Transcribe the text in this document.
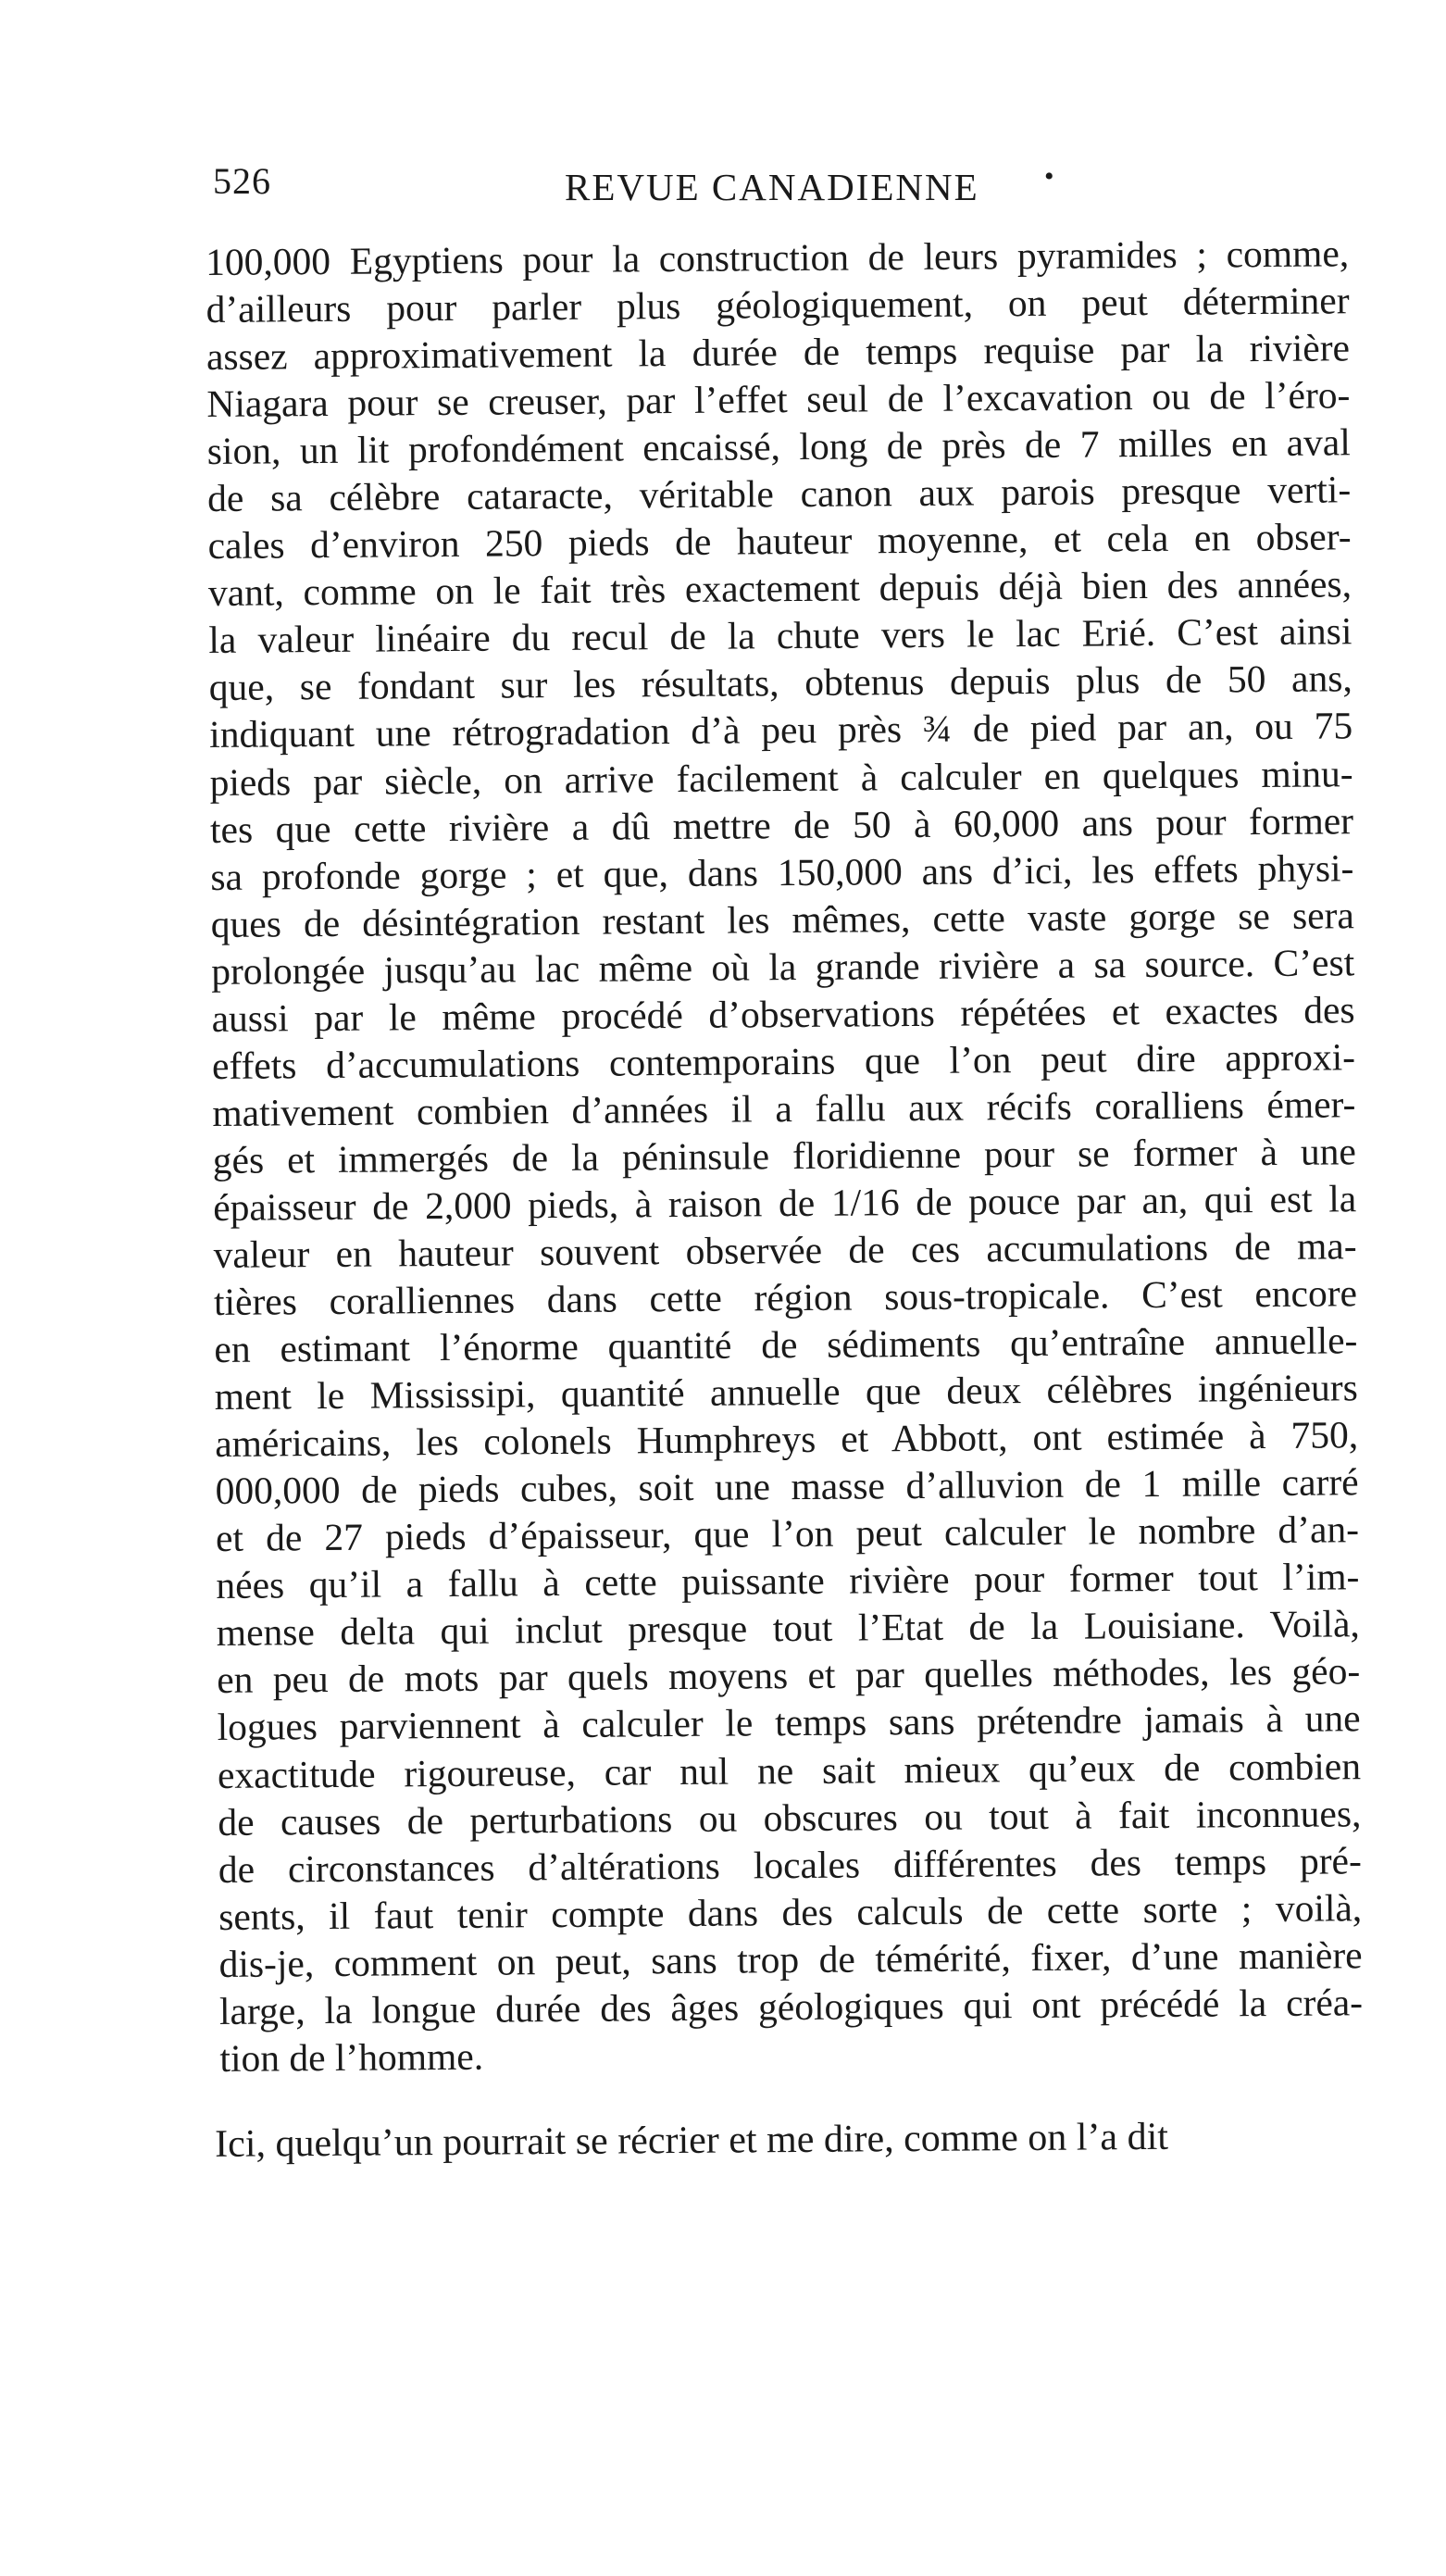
526	REVUE CANADIENNE •
100,000 Egyptiens pour la construction de leurs pyramides ; comme,
d’ailleurs pour parler plus géologiquement, on peut déterminer
assez approximativement la durée de temps requise par la rivière
Niagara pour se creuser, par l’effet seul de l’excavation ou de l’éro-
sion, un lit profondément encaissé, long de près de 7 milles en aval
de sa célèbre cataracte, véritable canon aux parois presque verti-
cales d’environ 250 pieds de hauteur moyenne, et cela en obser-
vant, comme on le fait très exactement depuis déjà bien des années,
la valeur linéaire du recul de la chute vers le lac Erié. C’est ainsi
que, se fondant sur les résultats, obtenus depuis plus de 50 ans,
indiquant une rétrogradation d’à peu près ¾ de pied par an, ou 75
pieds par siècle, on arrive facilement à calculer en quelques minu-
tes que cette rivière a dû mettre de 50 à 60,000 ans pour former
sa profonde gorge ; et que, dans 150,000 ans d’ici, les effets physi-
ques de désintégration restant les mêmes, cette vaste gorge se sera
prolongée jusqu’au lac même où la grande rivière a sa source. C’est
aussi par le même procédé d’observations répétées et exactes des
effets d’accumulations contemporains que l’on peut dire approxi-
mativement combien d’années il a fallu aux récifs coralliens émer-
gés et immergés de la péninsule floridienne pour se former à une
épaisseur de 2,000 pieds, à raison de 1/16 de pouce par an, qui est la
valeur en hauteur souvent observée de ces accumulations de ma-
tières coralliennes dans cette région sous-tropicale. C’est encore
en estimant l’énorme quantité de sédiments qu’entraîne annuelle-
ment le Mississipi, quantité annuelle que deux célèbres ingénieurs
américains, les colonels Humphreys et Abbott, ont estimée à 750,
000,000 de pieds cubes, soit une masse d’alluvion de 1 mille carré
et de 27 pieds d’épaisseur, que l’on peut calculer le nombre d’an-
nées qu’il a fallu à cette puissante rivière pour former tout l’im-
mense delta qui inclut presque tout l’Etat de la Louisiane. Voilà,
en peu de mots par quels moyens et par quelles méthodes, les géo-
logues parviennent à calculer le temps sans prétendre jamais à une
exactitude rigoureuse, car nul ne sait mieux qu’eux de combien
de causes de perturbations ou obscures ou tout à fait inconnues,
de circonstances d’altérations locales différentes des temps pré-
sents, il faut tenir compte dans des calculs de cette sorte ; voilà,
dis-je, comment on peut, sans trop de témérité, fixer, d’une manière
large, la longue durée des âges géologiques qui ont précédé la créa-
tion de l’homme.

Ici, quelqu’un pourrait se récrier et me dire, comme on l’a dit
